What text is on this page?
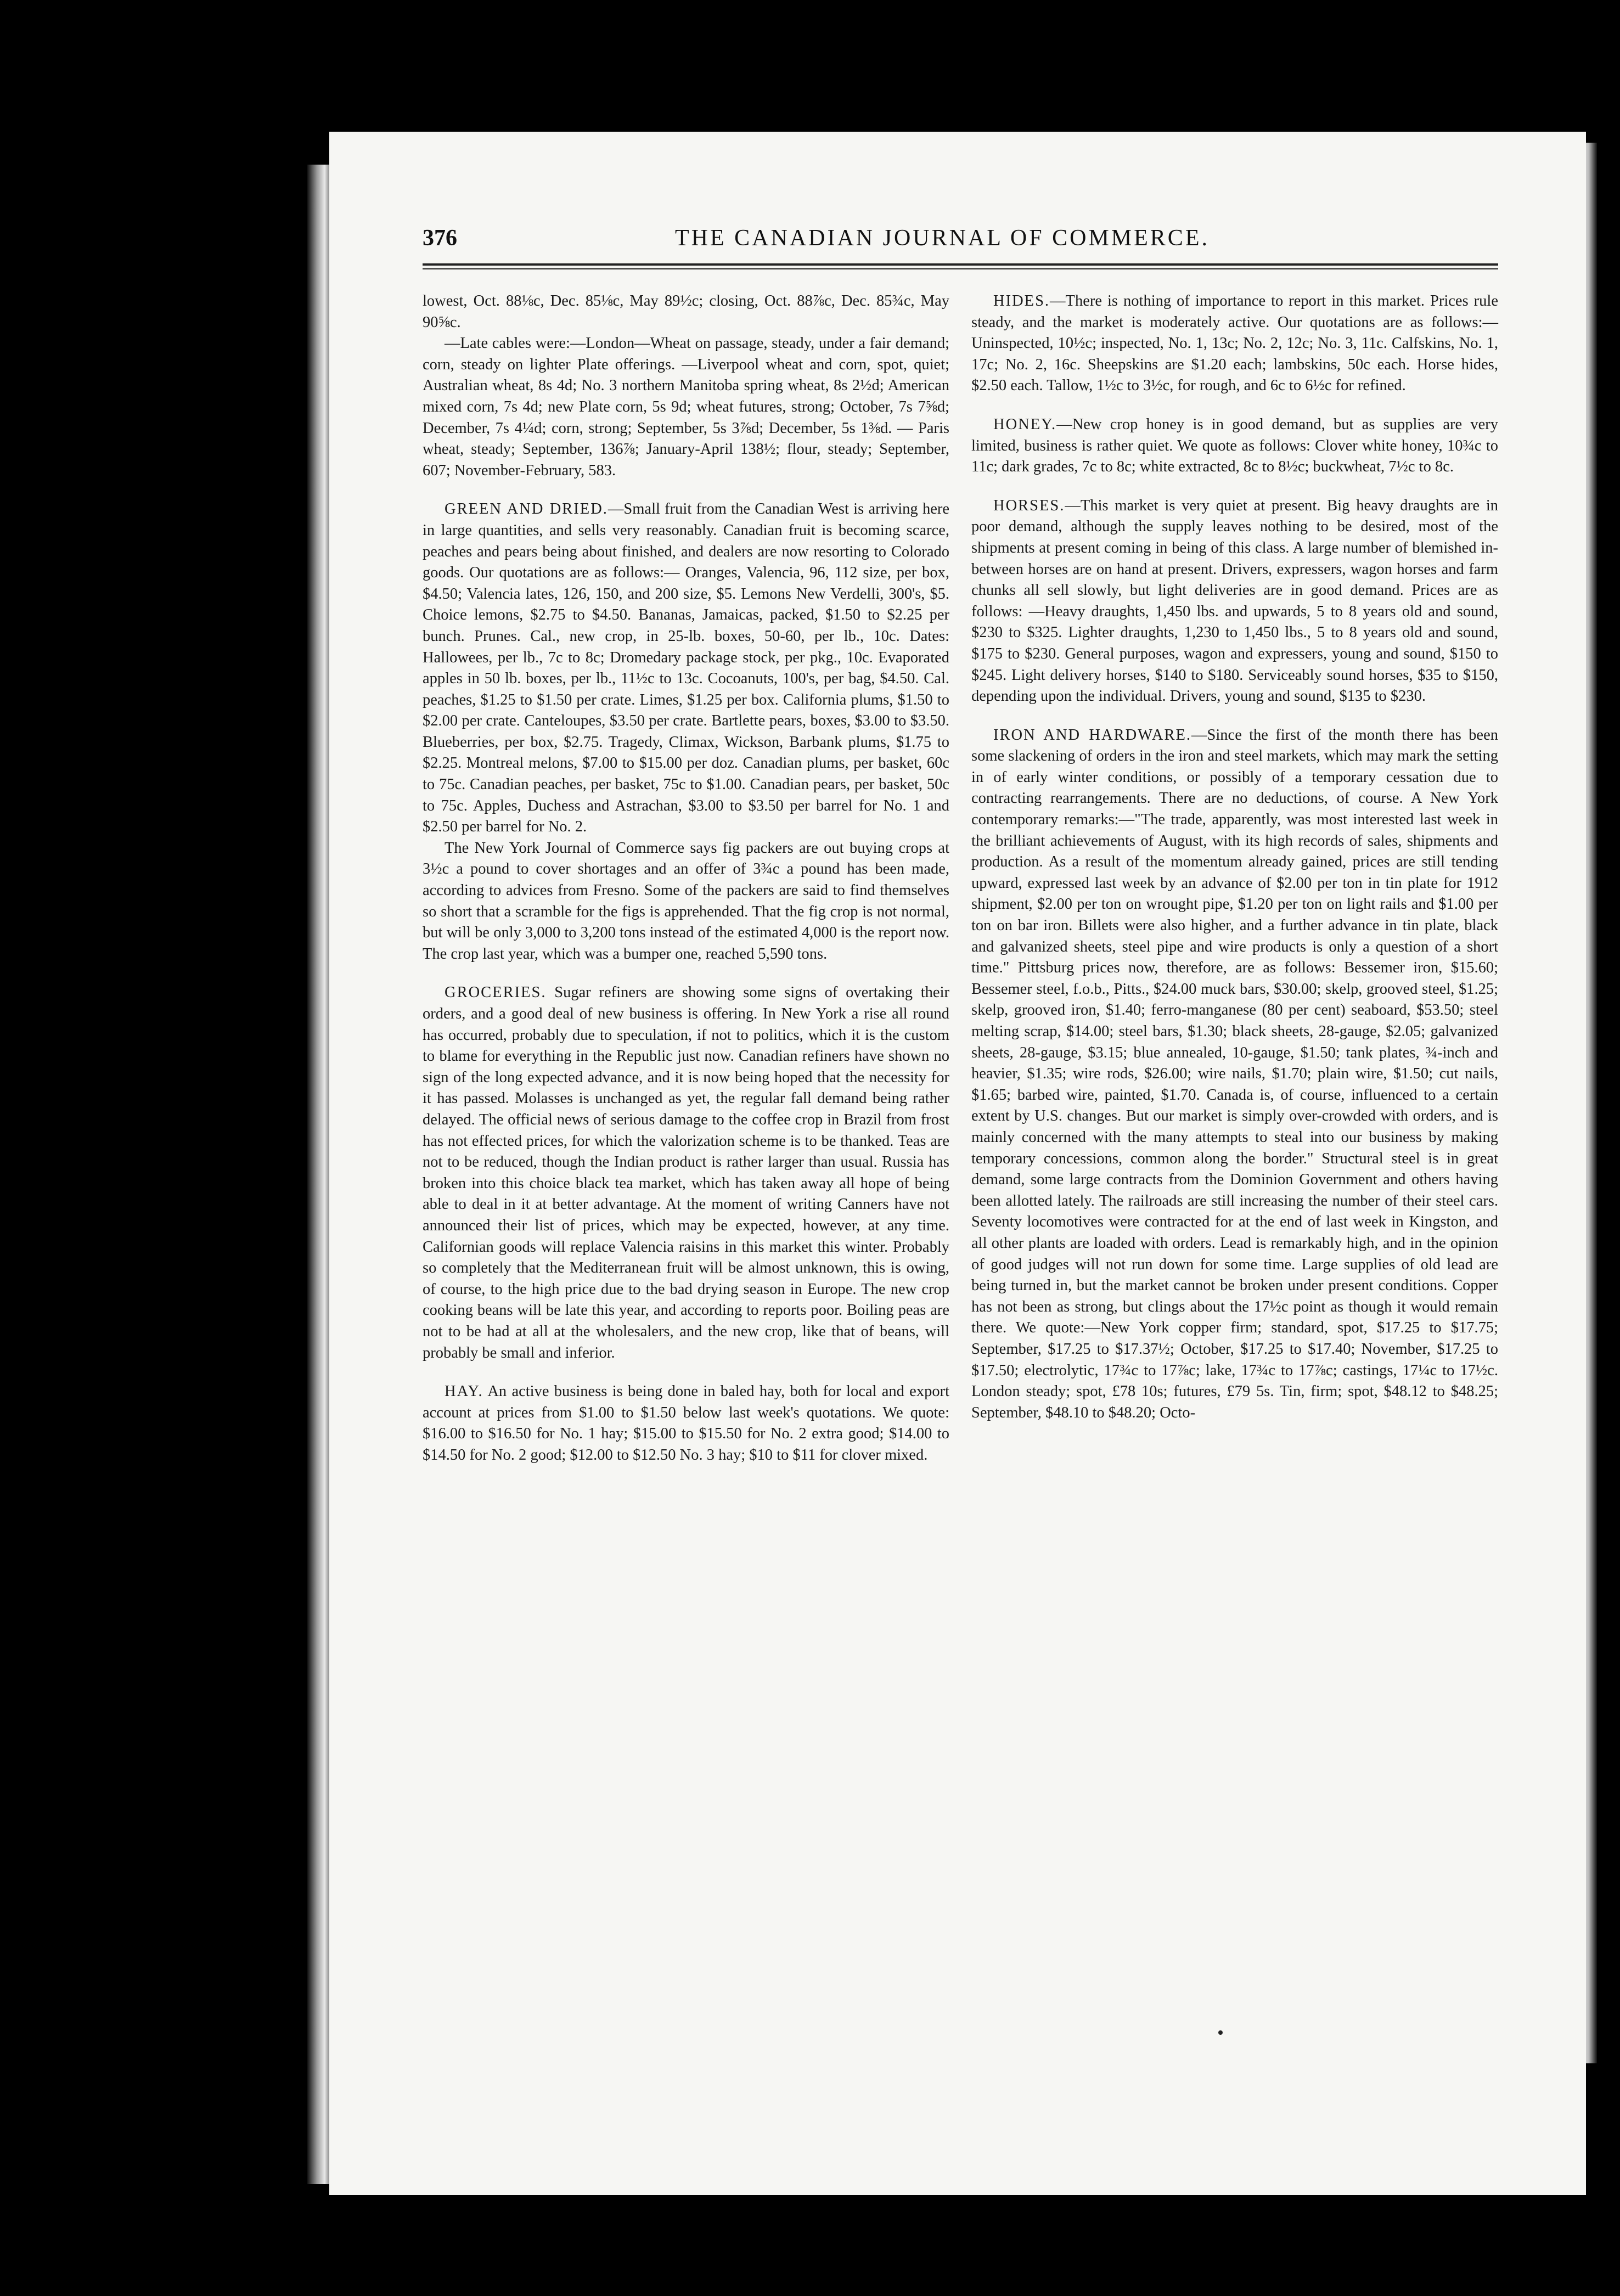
376	THE CANADIAN JOURNAL OF COMMERCE.

lowest, Oct. 88⅛c, Dec. 85⅛c, May 89½c; closing, Oct. 88⅞c, Dec. 85¾c, May 90⅝c.

—Late cables were:—London—Wheat on passage, steady, under a fair demand; corn, steady on lighter Plate offerings. —Liverpool wheat and corn, spot, quiet; Australian wheat, 8s 4d; No. 3 northern Manitoba spring wheat, 8s 2½d; American mixed corn, 7s 4d; new Plate corn, 5s 9d; wheat futures, strong; October, 7s 7⅝d; December, 7s 4¼d; corn, strong; September, 5s 3⅞d; December, 5s 1⅜d. — Paris wheat, steady; September, 136⅞; January-April 138½; flour, steady; September, 607; November-February, 583.

GREEN AND DRIED.—Small fruit from the Canadian West is arriving here in large quantities, and sells very reasonably. Canadian fruit is becoming scarce, peaches and pears being about finished, and dealers are now resorting to Colorado goods. Our quotations are as follows:— Oranges, Valencia, 96, 112 size, per box, $4.50; Valencia lates, 126, 150, and 200 size, $5. Lemons New Verdelli, 300's, $5. Choice lemons, $2.75 to $4.50. Bananas, Jamaicas, packed, $1.50 to $2.25 per bunch. Prunes. Cal., new crop, in 25-lb. boxes, 50-60, per lb., 10c. Dates: Hallowees, per lb., 7c to 8c; Dromedary package stock, per pkg., 10c. Evaporated apples in 50 lb. boxes, per lb., 11½c to 13c. Cocoanuts, 100's, per bag, $4.50. Cal. peaches, $1.25 to $1.50 per crate. Limes, $1.25 per box. California plums, $1.50 to $2.00 per crate. Canteloupes, $3.50 per crate. Bartlette pears, boxes, $3.00 to $3.50. Blueberries, per box, $2.75. Tragedy, Climax, Wickson, Barbank plums, $1.75 to $2.25. Montreal melons, $7.00 to $15.00 per doz. Canadian plums, per basket, 60c to 75c. Canadian peaches, per basket, 75c to $1.00. Canadian pears, per basket, 50c to 75c. Apples, Duchess and Astrachan, $3.00 to $3.50 per barrel for No. 1 and $2.50 per barrel for No. 2.

The New York Journal of Commerce says fig packers are out buying crops at 3½c a pound to cover shortages and an offer of 3¾c a pound has been made, according to advices from Fresno. Some of the packers are said to find themselves so short that a scramble for the figs is apprehended. That the fig crop is not normal, but will be only 3,000 to 3,200 tons instead of the estimated 4,000 is the report now. The crop last year, which was a bumper one, reached 5,590 tons.

GROCERIES. Sugar refiners are showing some signs of overtaking their orders, and a good deal of new business is offering. In New York a rise all round has occurred, probably due to speculation, if not to politics, which it is the custom to blame for everything in the Republic just now. Canadian refiners have shown no sign of the long expected advance, and it is now being hoped that the necessity for it has passed. Molasses is unchanged as yet, the regular fall demand being rather delayed. The official news of serious damage to the coffee crop in Brazil from frost has not effected prices, for which the valorization scheme is to be thanked. Teas are not to be reduced, though the Indian product is rather larger than usual. Russia has broken into this choice black tea market, which has taken away all hope of being able to deal in it at better advantage. At the moment of writing Canners have not announced their list of prices, which may be expected, however, at any time. Californian goods will replace Valencia raisins in this market this winter. Probably so completely that the Mediterranean fruit will be almost unknown, this is owing, of course, to the high price due to the bad drying season in Europe. The new crop cooking beans will be late this year, and according to reports poor. Boiling peas are not to be had at all at the wholesalers, and the new crop, like that of beans, will probably be small and inferior.

HAY. An active business is being done in baled hay, both for local and export account at prices from $1.00 to $1.50 below last week's quotations. We quote: $16.00 to $16.50 for No. 1 hay; $15.00 to $15.50 for No. 2 extra good; $14.00 to $14.50 for No. 2 good; $12.00 to $12.50 No. 3 hay; $10 to $11 for clover mixed.

HIDES.—There is nothing of importance to report in this market. Prices rule steady, and the market is moderately active. Our quotations are as follows:—Uninspected, 10½c; inspected, No. 1, 13c; No. 2, 12c; No. 3, 11c. Calfskins, No. 1, 17c; No. 2, 16c. Sheepskins are $1.20 each; lambskins, 50c each. Horse hides, $2.50 each. Tallow, 1½c to 3½c, for rough, and 6c to 6½c for refined.

HONEY.—New crop honey is in good demand, but as supplies are very limited, business is rather quiet. We quote as follows: Clover white honey, 10¾c to 11c; dark grades, 7c to 8c; white extracted, 8c to 8½c; buckwheat, 7½c to 8c.

HORSES.—This market is very quiet at present. Big heavy draughts are in poor demand, although the supply leaves nothing to be desired, most of the shipments at present coming in being of this class. A large number of blemished in-between horses are on hand at present. Drivers, expressers, wagon horses and farm chunks all sell slowly, but light deliveries are in good demand. Prices are as follows: —Heavy draughts, 1,450 lbs. and upwards, 5 to 8 years old and sound, $230 to $325. Lighter draughts, 1,230 to 1,450 lbs., 5 to 8 years old and sound, $175 to $230. General purposes, wagon and expressers, young and sound, $150 to $245. Light delivery horses, $140 to $180. Serviceably sound horses, $35 to $150, depending upon the individual. Drivers, young and sound, $135 to $230.

IRON AND HARDWARE.—Since the first of the month there has been some slackening of orders in the iron and steel markets, which may mark the setting in of early winter conditions, or possibly of a temporary cessation due to contracting rearrangements. There are no deductions, of course. A New York contemporary remarks:—"The trade, apparently, was most interested last week in the brilliant achievements of August, with its high records of sales, shipments and production. As a result of the momentum already gained, prices are still tending upward, expressed last week by an advance of $2.00 per ton in tin plate for 1912 shipment, $2.00 per ton on wrought pipe, $1.20 per ton on light rails and $1.00 per ton on bar iron. Billets were also higher, and a further advance in tin plate, black and galvanized sheets, steel pipe and wire products is only a question of a short time." Pittsburg prices now, therefore, are as follows: Bessemer iron, $15.60; Bessemer steel, f.o.b., Pitts., $24.00 muck bars, $30.00; skelp, grooved steel, $1.25; skelp, grooved iron, $1.40; ferro-manganese (80 per cent) seaboard, $53.50; steel melting scrap, $14.00; steel bars, $1.30; black sheets, 28-gauge, $2.05; galvanized sheets, 28-gauge, $3.15; blue annealed, 10-gauge, $1.50; tank plates, ¾-inch and heavier, $1.35; wire rods, $26.00; wire nails, $1.70; plain wire, $1.50; cut nails, $1.65; barbed wire, painted, $1.70. Canada is, of course, influenced to a certain extent by U.S. changes. But our market is simply over-crowded with orders, and is mainly concerned with the many attempts to steal into our business by making temporary concessions, common along the border." Structural steel is in great demand, some large contracts from the Dominion Government and others having been allotted lately. The railroads are still increasing the number of their steel cars. Seventy locomotives were contracted for at the end of last week in Kingston, and all other plants are loaded with orders. Lead is remarkably high, and in the opinion of good judges will not run down for some time. Large supplies of old lead are being turned in, but the market cannot be broken under present conditions. Copper has not been as strong, but clings about the 17½c point as though it would remain there. We quote:—New York copper firm; standard, spot, $17.25 to $17.75; September, $17.25 to $17.37½; October, $17.25 to $17.40; November, $17.25 to $17.50; electrolytic, 17¾c to 17⅞c; lake, 17¾c to 17⅞c; castings, 17¼c to 17½c. London steady; spot, £78 10s; futures, £79 5s. Tin, firm; spot, $48.12 to $48.25; September, $48.10 to $48.20; Octo-
